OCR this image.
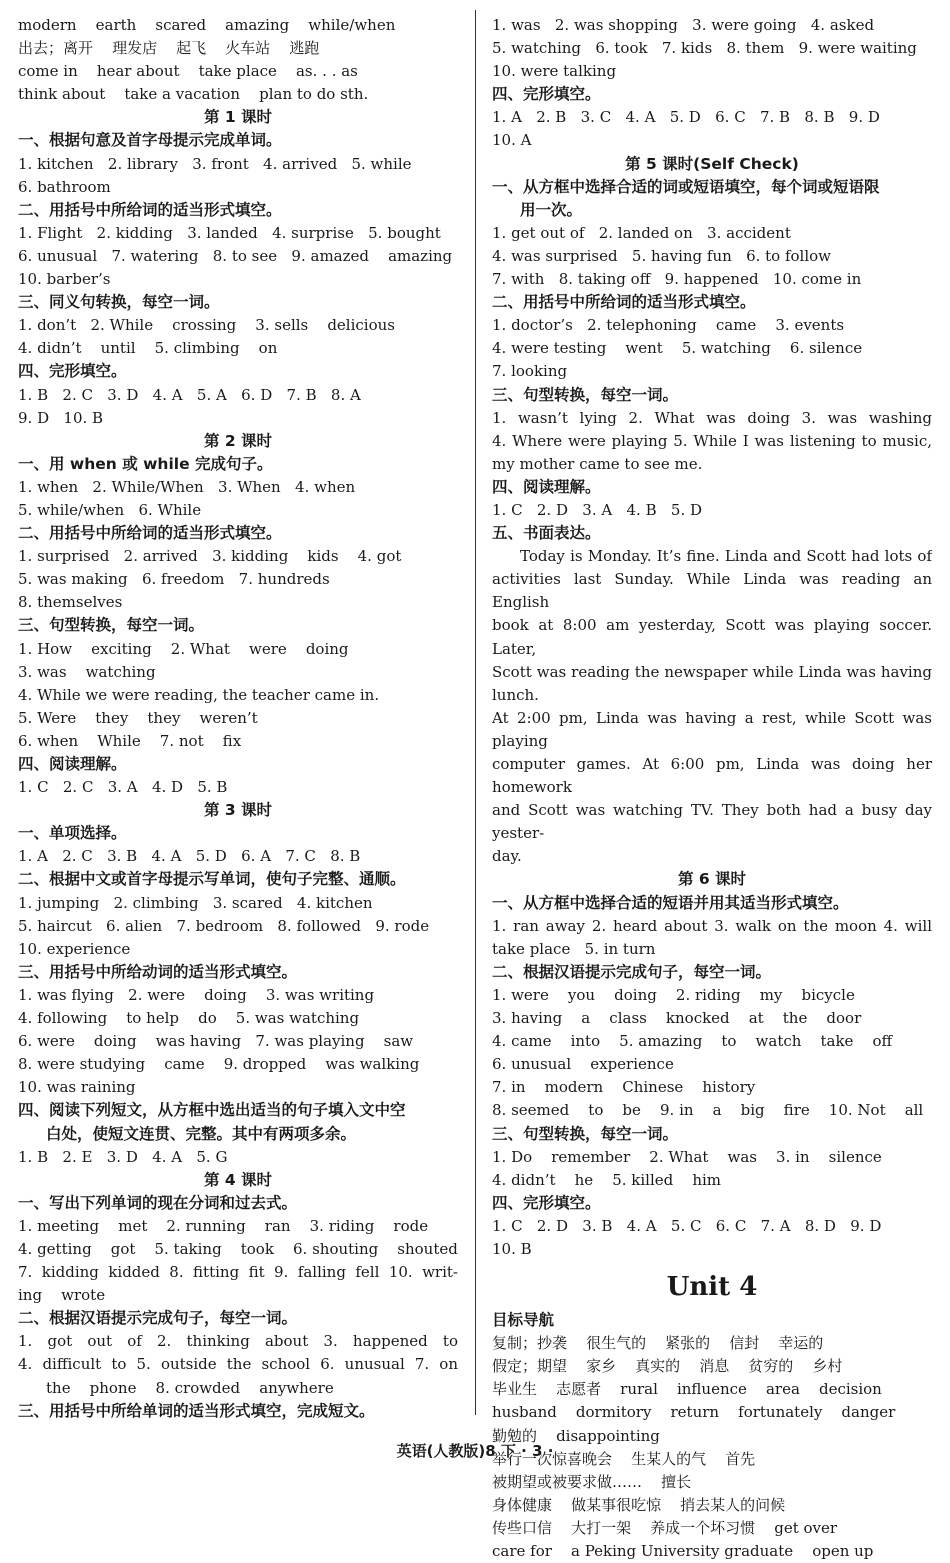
modern    earth    scared    amazing    while/when
出去；离开    理发店    起飞    火车站    逃跑
come in    hear about    take place    as. . . as
think about    take a vacation    plan to do sth.
第 1 课时
一、根据句意及首字母提示完成单词。
1. kitchen   2. library   3. front   4. arrived   5. while
6. bathroom
二、用括号中所给词的适当形式填空。
1. Flight   2. kidding   3. landed   4. surprise   5. bought
6. unusual   7. watering   8. to see   9. amazed    amazing
10. barber’s
三、同义句转换，每空一词。
1. don’t   2. While    crossing    3. sells    delicious
4. didn’t    until    5. climbing    on
四、完形填空。
1. B   2. C   3. D   4. A   5. A   6. D   7. B   8. A
9. D   10. B
第 2 课时
一、用 when 或 while 完成句子。
1. when   2. While/When   3. When   4. when
5. while/when   6. While
二、用括号中所给词的适当形式填空。
1. surprised   2. arrived   3. kidding    kids    4. got
5. was making   6. freedom   7. hundreds
8. themselves
三、句型转换，每空一词。
1. How    exciting    2. What    were    doing
3. was    watching
4. While we were reading, the teacher came in.
5. Were    they    they    weren’t
6. when    While    7. not    fix
四、阅读理解。
1. C   2. C   3. A   4. D   5. B
第 3 课时
一、单项选择。
1. A   2. C   3. B   4. A   5. D   6. A   7. C   8. B
二、根据中文或首字母提示写单词，使句子完整、通顺。
1. jumping   2. climbing   3. scared   4. kitchen
5. haircut   6. alien   7. bedroom   8. followed   9. rode
10. experience
三、用括号中所给动词的适当形式填空。
1. was flying   2. were    doing    3. was writing
4. following    to help    do    5. was watching
6. were    doing    was having   7. was playing    saw
8. were studying    came    9. dropped    was walking
10. was raining
四、阅读下列短文，从方框中选出适当的句子填入文中空
白处，使短文连贯、完整。其中有两项多余。
1. B   2. E   3. D   4. A   5. G
第 4 课时
一、写出下列单词的现在分词和过去式。
1. meeting    met    2. running    ran    3. riding    rode
4. getting    got    5. taking    took    6. shouting    shouted
7. kidding kidded 8. fitting fit 9. falling fell 10. writ-
ing    wrote
二、根据汉语提示完成句子，每空一词。
1. got out of 2. thinking about 3. happened to
4. difficult to 5. outside the school 6. unusual 7. on
the    phone    8. crowded    anywhere
三、用括号中所给单词的适当形式填空，完成短文。
1. was   2. was shopping   3. were going   4. asked
5. watching   6. took   7. kids   8. them   9. were waiting
10. were talking
四、完形填空。
1. A   2. B   3. C   4. A   5. D   6. C   7. B   8. B   9. D
10. A
第 5 课时(Self Check)
一、从方框中选择合适的词或短语填空，每个词或短语限
用一次。
1. get out of   2. landed on   3. accident
4. was surprised   5. having fun   6. to follow
7. with   8. taking off   9. happened   10. come in
二、用括号中所给词的适当形式填空。
1. doctor’s   2. telephoning    came    3. events
4. were testing    went    5. watching    6. silence
7. looking
三、句型转换，每空一词。
1. wasn’t lying 2. What was doing 3. was washing
4. Where were playing 5. While I was listening to music,
my mother came to see me.
四、阅读理解。
1. C   2. D   3. A   4. B   5. D
五、书面表达。
Today is Monday. It’s fine. Linda and Scott had lots of
activities last Sunday. While Linda was reading an English
book at 8:00 am yesterday, Scott was playing soccer. Later,
Scott was reading the newspaper while Linda was having lunch.
At 2:00 pm, Linda was having a rest, while Scott was playing
computer games. At 6:00 pm, Linda was doing her homework
and Scott was watching TV. They both had a busy day yester-
day.
第 6 课时
一、从方框中选择合适的短语并用其适当形式填空。
1. ran away 2. heard about 3. walk on the moon 4. will
take place   5. in turn
二、根据汉语提示完成句子，每空一词。
1. were    you    doing    2. riding    my    bicycle
3. having    a    class    knocked    at    the    door
4. came    into    5. amazing    to    watch    take    off
6. unusual    experience
7. in    modern    Chinese    history
8. seemed    to    be    9. in    a    big    fire    10. Not    all
三、句型转换，每空一词。
1. Do    remember    2. What    was    3. in    silence
4. didn’t    he    5. killed    him
四、完形填空。
1. C   2. D   3. B   4. A   5. C   6. C   7. A   8. D   9. D
10. B
Unit 4
目标导航
复制；抄袭    很生气的    紧张的    信封    幸运的
假定；期望    家乡    真实的    消息    贫穷的    乡村
毕业生    志愿者    rural    influence    area    decision
husband    dormitory    return    fortunately    danger
勤勉的    disappointing
举行一次惊喜晚会    生某人的气    首先
被期望或被要求做……    擅长
身体健康    做某事很吃惊    捎去某人的问候
传些口信    大打一架    养成一个坏习惯    get over
care for    a Peking University graduate    open up
英语(人教版)8 下 · 3 ·
